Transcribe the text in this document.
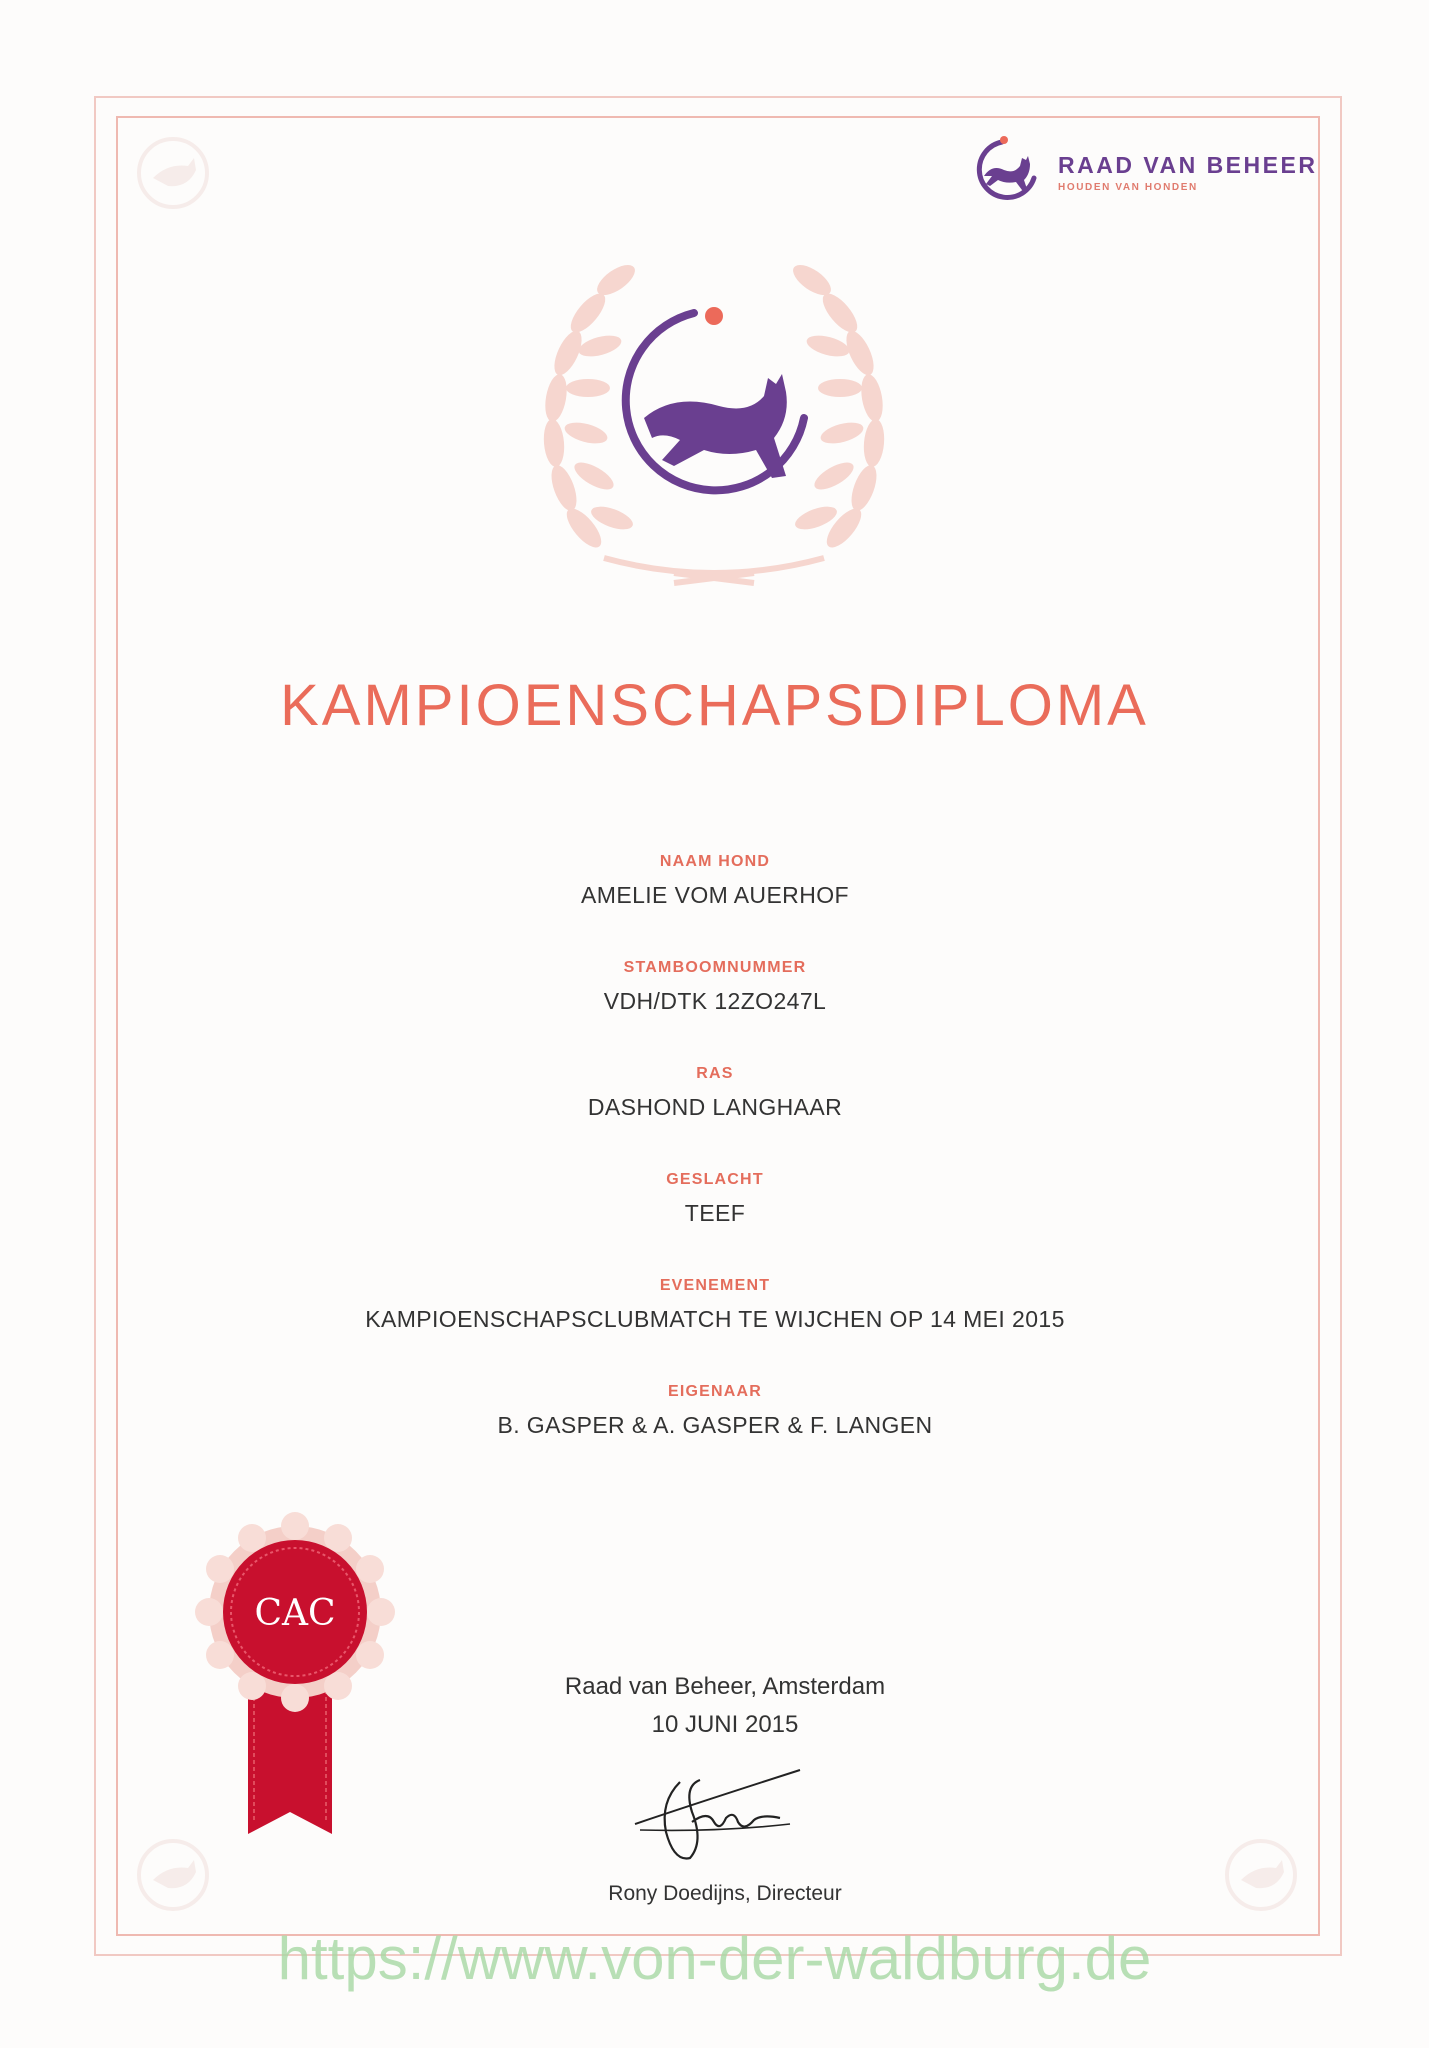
RAAD VAN BEHEER
HOUDEN VAN HONDEN
KAMPIOENSCHAPSDIPLOMA
NAAM HOND
AMELIE VOM AUERHOF
STAMBOOMNUMMER
VDH/DTK 12ZO247L
RAS
DASHOND LANGHAAR
GESLACHT
TEEF
EVENEMENT
KAMPIOENSCHAPSCLUBMATCH TE WIJCHEN OP 14 MEI 2015
EIGENAAR
B. GASPER & A. GASPER & F. LANGEN
CAC
Raad van Beheer, Amsterdam
10 JUNI 2015
Rony Doedijns, Directeur
https://www.von-der-waldburg.de
